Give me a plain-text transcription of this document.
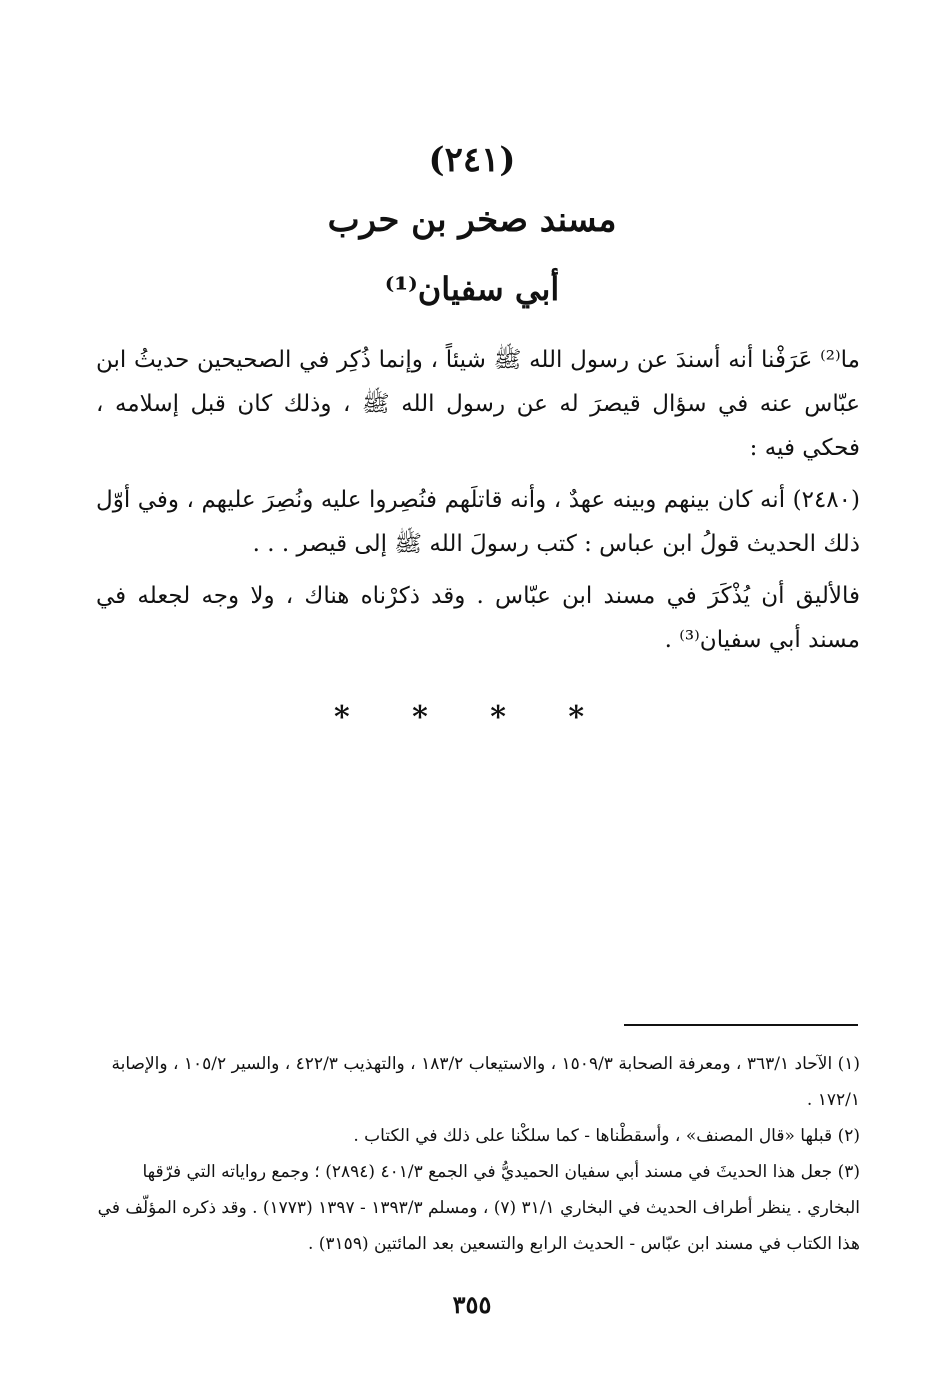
(٢٤١)
مسند صخر بن حرب
أبي سفيان⁽¹⁾

ما⁽²⁾ عَرَفْنا أنه أسندَ عن رسول الله ﷺ شيئاً ، وإنما ذُكِر في الصحيحين حديثُ ابن عبّاس عنه في سؤال قيصرَ له عن رسول الله ﷺ ، وذلك كان قبل إسلامه ، فحكي فيه :

(٢٤٨٠) أنه كان بينهم وبينه عهدٌ ، وأنه قاتلَهم فنُصِروا عليه ونُصِرَ عليهم ، وفي أوّل ذلك الحديث قولُ ابن عباس : كتب رسولَ الله ﷺ إلى قيصر . . .

فالأليق أن يُذْكَرَ في مسند ابن عبّاس . وقد ذكرْناه هناك ، ولا وجه لجعله في مسند أبي سفيان⁽³⁾ .

* * * *

(١) الآحاد ٣٦٣/١ ، ومعرفة الصحابة ١٥٠٩/٣ ، والاستيعاب ١٨٣/٢ ، والتهذيب ٤٢٢/٣ ، والسير ١٠٥/٢ ، والإصابة ١٧٢/١ .

(٢) قبلها «قال المصنف» ، وأسقطْناها - كما سلكْنا على ذلك في الكتاب .

(٣) جعل هذا الحديثَ في مسند أبي سفيان الحميديُّ في الجمع ٤٠١/٣ (٢٨٩٤) ؛ وجمع رواياته التي فرّقها البخاري . ينظر أطراف الحديث في البخاري ٣١/١ (٧) ، ومسلم ١٣٩٣/٣ - ١٣٩٧ (١٧٧٣) . وقد ذكره المؤلّف في هذا الكتاب في مسند ابن عبّاس - الحديث الرابع والتسعين بعد المائتين (٣١٥٩) .

٣٥٥
